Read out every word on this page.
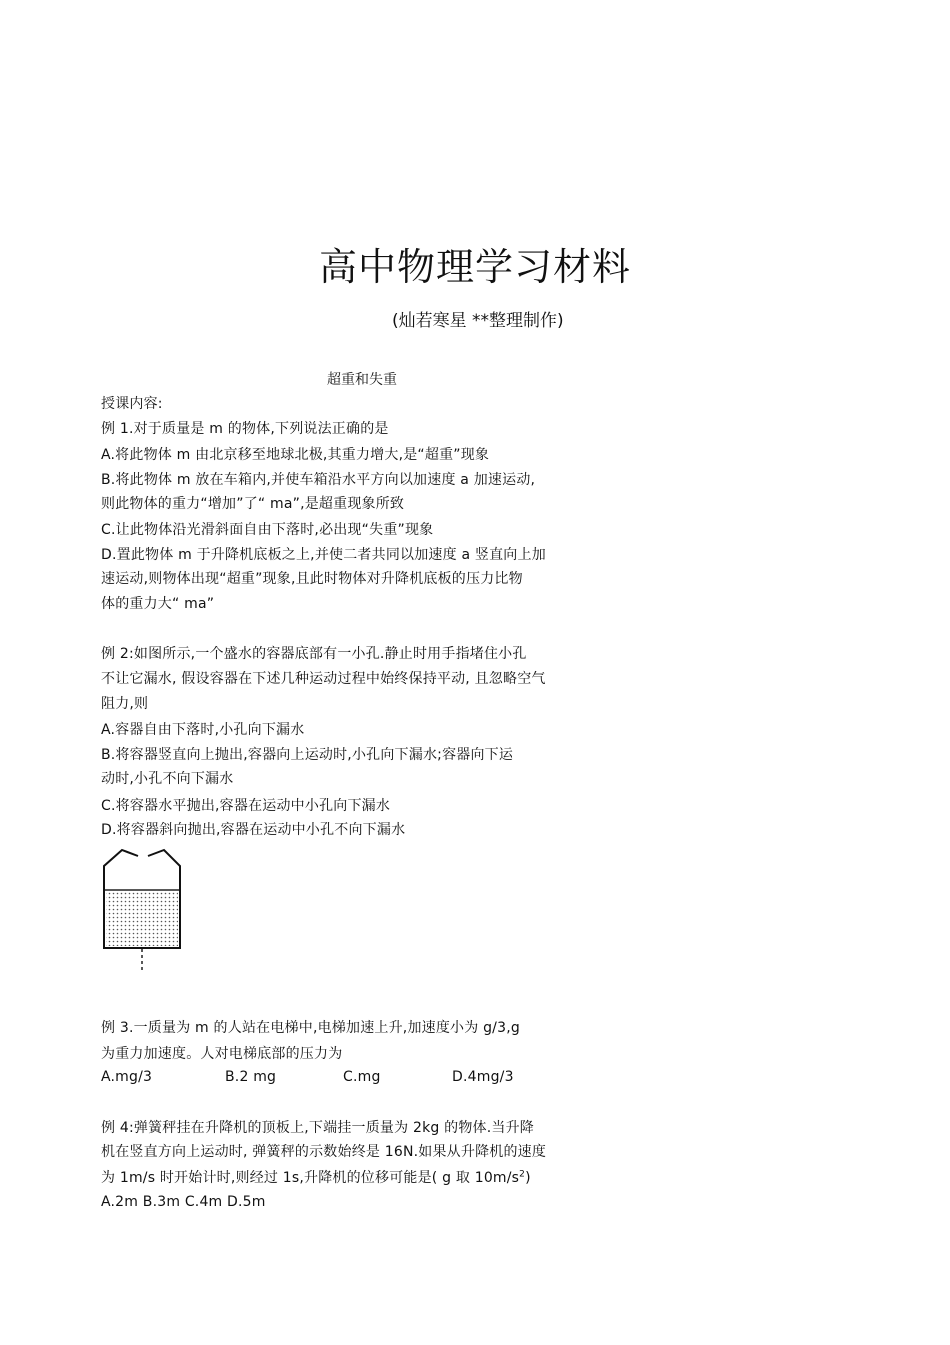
高中物理学习材料
(灿若寒星 **整理制作)
超重和失重
授课内容:
例 1.对于质量是 m 的物体,下列说法正确的是
A.将此物体 m 由北京移至地球北极,其重力增大,是“超重”现象
B.将此物体 m 放在车箱内,并使车箱沿水平方向以加速度 a 加速运动,
则此物体的重力“增加”了“ ma”,是超重现象所致
C.让此物体沿光滑斜面自由下落时,必出现“失重”现象
D.置此物体 m 于升降机底板之上,并使二者共同以加速度 a 竖直向上加
速运动,则物体出现“超重”现象,且此时物体对升降机底板的压力比物
体的重力大“ ma”
例 2:如图所示,一个盛水的容器底部有一小孔.静止时用手指堵住小孔
不让它漏水, 假设容器在下述几种运动过程中始终保持平动, 且忽略空气
阻力,则
A.容器自由下落时,小孔向下漏水
B.将容器竖直向上抛出,容器向上运动时,小孔向下漏水;容器向下运
动时,小孔不向下漏水
C.将容器水平抛出,容器在运动中小孔向下漏水
D.将容器斜向抛出,容器在运动中小孔不向下漏水
例 3.一质量为 m 的人站在电梯中,电梯加速上升,加速度小为 g/3,g
为重力加速度。人对电梯底部的压力为
A.mg/3	B.2 mg	C.mg	D.4mg/3
例 4:弹簧秤挂在升降机的顶板上,下端挂一质量为 2kg 的物体.当升降
机在竖直方向上运动时, 弹簧秤的示数始终是 16N.如果从升降机的速度
为 1m/s 时开始计时,则经过 1s,升降机的位移可能是( g 取 $10m/s^2$)
A.2m B.3m C.4m D.5m
